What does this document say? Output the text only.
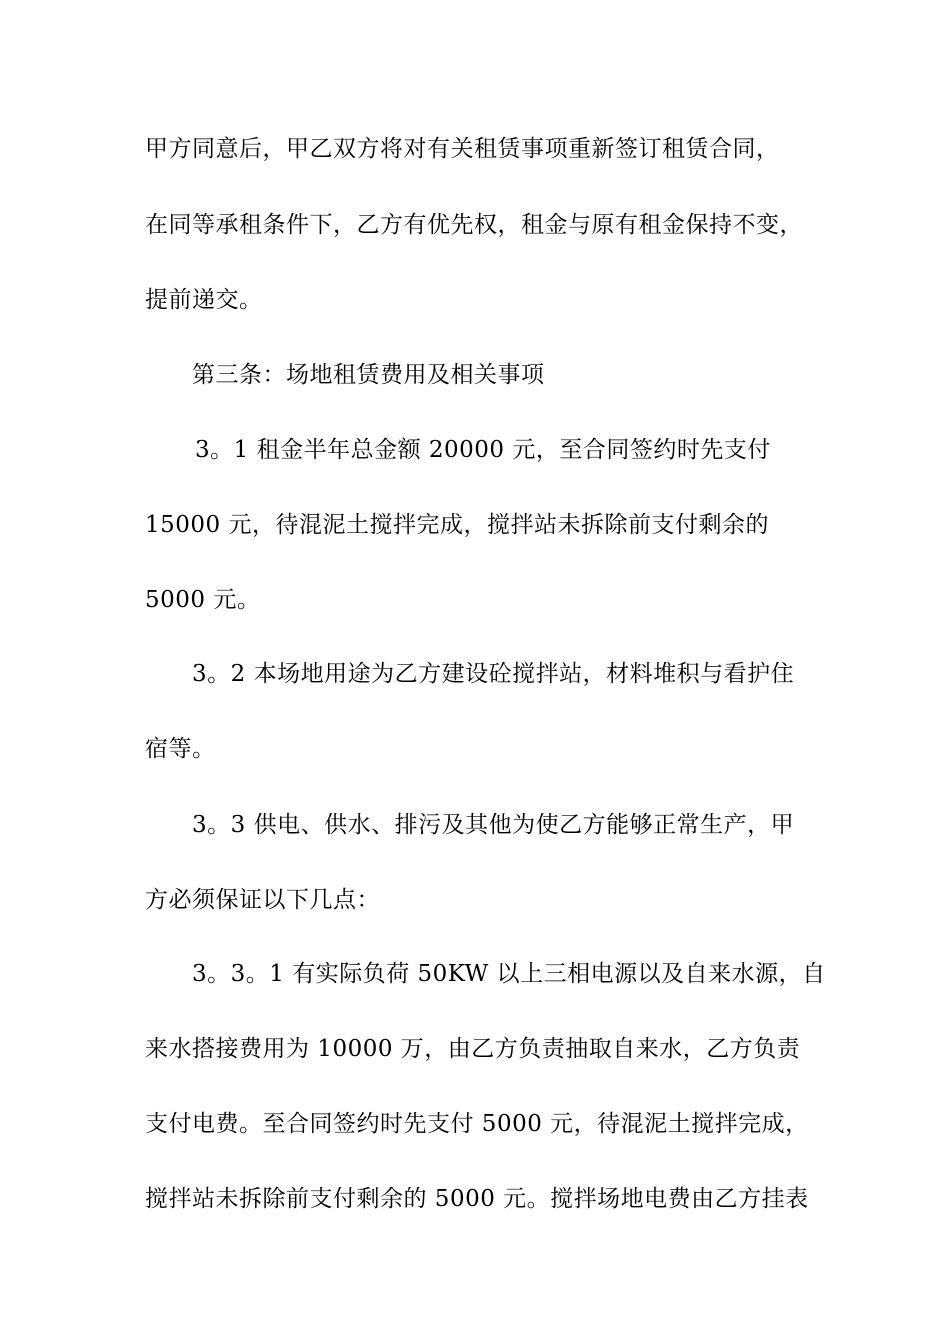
甲方同意后，甲乙双方将对有关租赁事项重新签订租赁合同，
在同等承租条件下，乙方有优先权，租金与原有租金保持不变，
提前递交。
第三条：场地租赁费用及相关事项
3。1 租金半年总金额 20000 元，至合同签约时先支付
15000 元，待混泥土搅拌完成，搅拌站未拆除前支付剩余的
5000 元。
3。2 本场地用途为乙方建设砼搅拌站，材料堆积与看护住
宿等。
3。3 供电、供水、排污及其他为使乙方能够正常生产，甲
方必须保证以下几点：
3。3。1 有实际负荷 50KW 以上三相电源以及自来水源，自
来水搭接费用为 10000 万，由乙方负责抽取自来水，乙方负责
支付电费。至合同签约时先支付 5000 元，待混泥土搅拌完成，
搅拌站未拆除前支付剩余的 5000 元。搅拌场地电费由乙方挂表
